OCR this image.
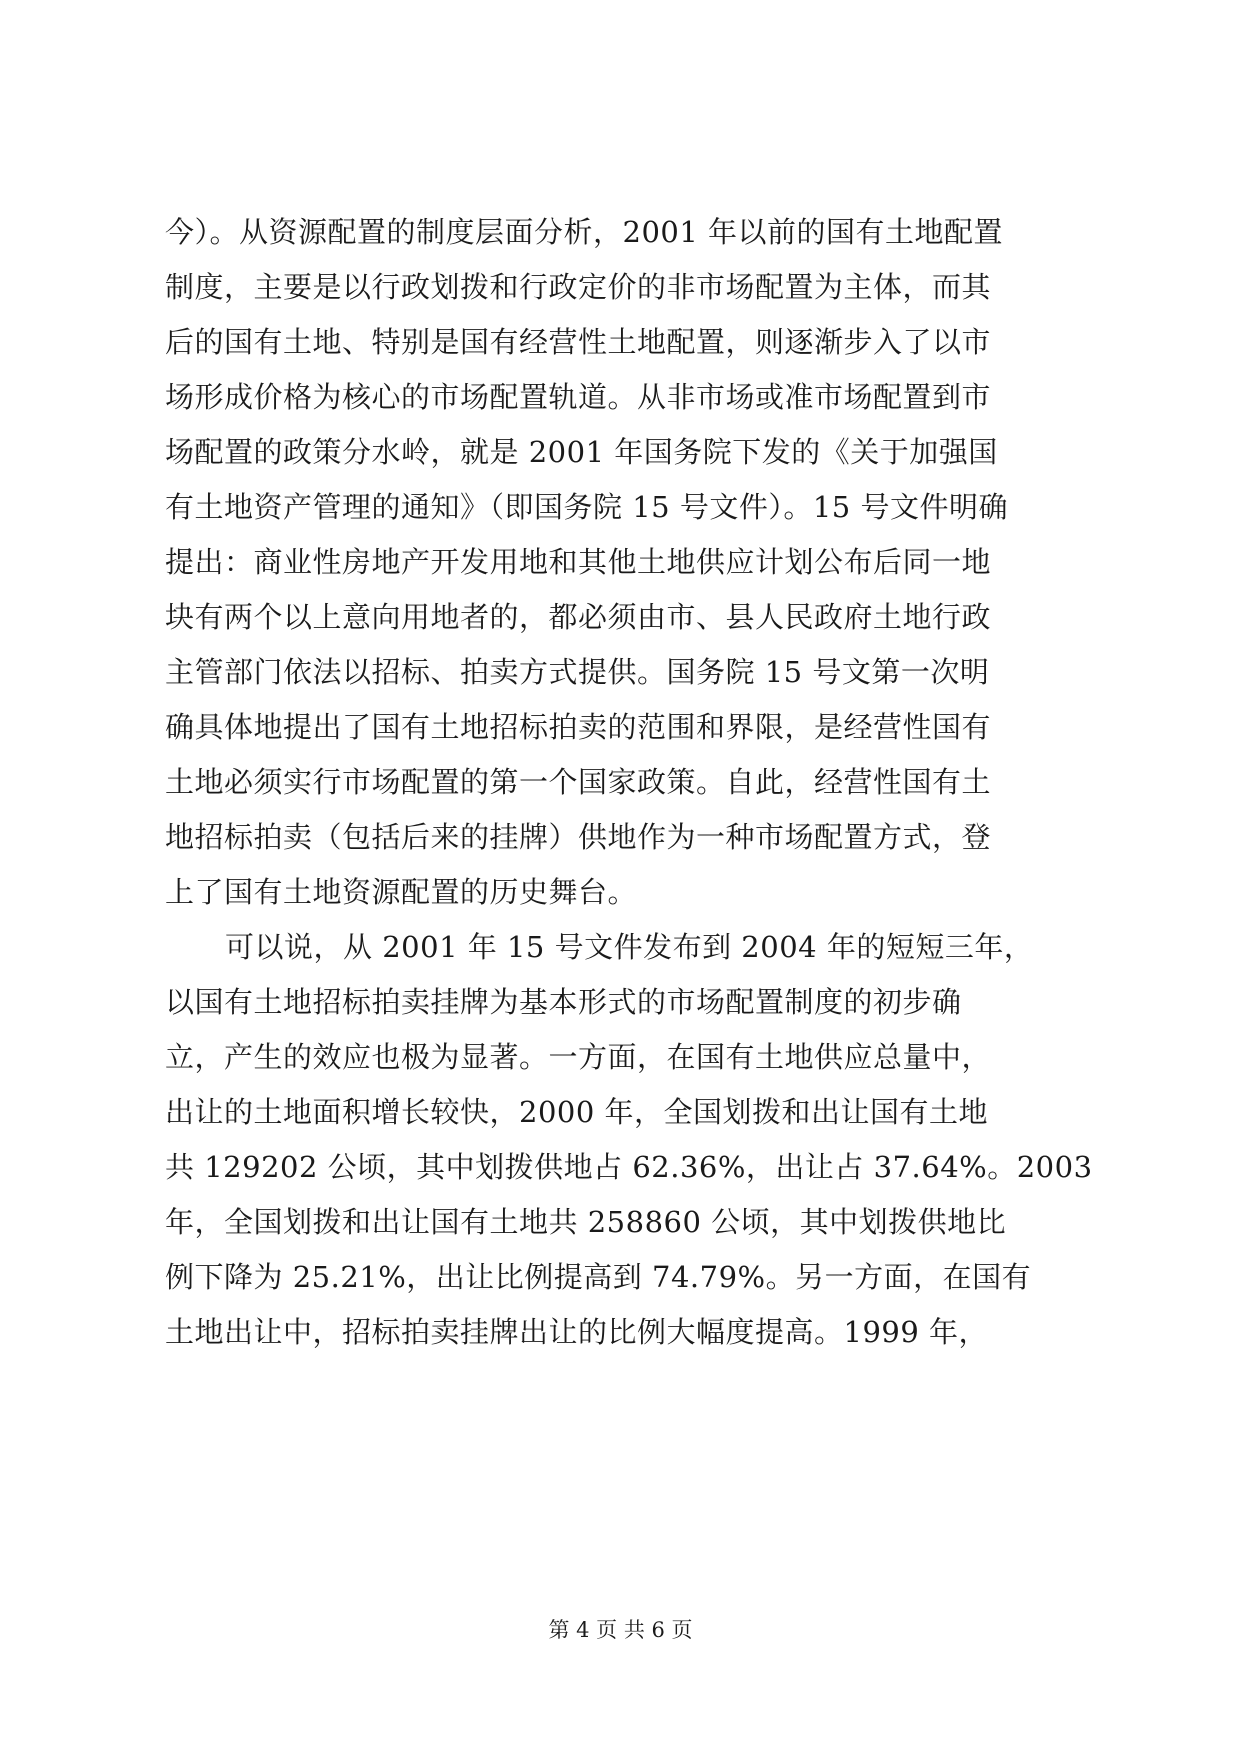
今）。从资源配置的制度层面分析，2001 年以前的国有土地配置
制度，主要是以行政划拨和行政定价的非市场配置为主体，而其
后的国有土地、特别是国有经营性土地配置，则逐渐步入了以市
场形成价格为核心的市场配置轨道。从非市场或准市场配置到市
场配置的政策分水岭，就是 2001 年国务院下发的《关于加强国
有土地资产管理的通知》（即国务院 15 号文件）。15 号文件明确
提出：商业性房地产开发用地和其他土地供应计划公布后同一地
块有两个以上意向用地者的，都必须由市、县人民政府土地行政
主管部门依法以招标、拍卖方式提供。国务院 15 号文第一次明
确具体地提出了国有土地招标拍卖的范围和界限，是经营性国有
土地必须实行市场配置的第一个国家政策。自此，经营性国有土
地招标拍卖（包括后来的挂牌）供地作为一种市场配置方式，登
上了国有土地资源配置的历史舞台。
可以说，从 2001 年 15 号文件发布到 2004 年的短短三年，
以国有土地招标拍卖挂牌为基本形式的市场配置制度的初步确
立，产生的效应也极为显著。一方面，在国有土地供应总量中，
出让的土地面积增长较快，2000 年，全国划拨和出让国有土地
共 129202 公顷，其中划拨供地占 62.36%，出让占 37.64%。2003
年，全国划拨和出让国有土地共 258860 公顷，其中划拨供地比
例下降为 25.21%，出让比例提高到 74.79%。另一方面，在国有
土地出让中，招标拍卖挂牌出让的比例大幅度提高。1999 年，
第 4 页 共 6 页
